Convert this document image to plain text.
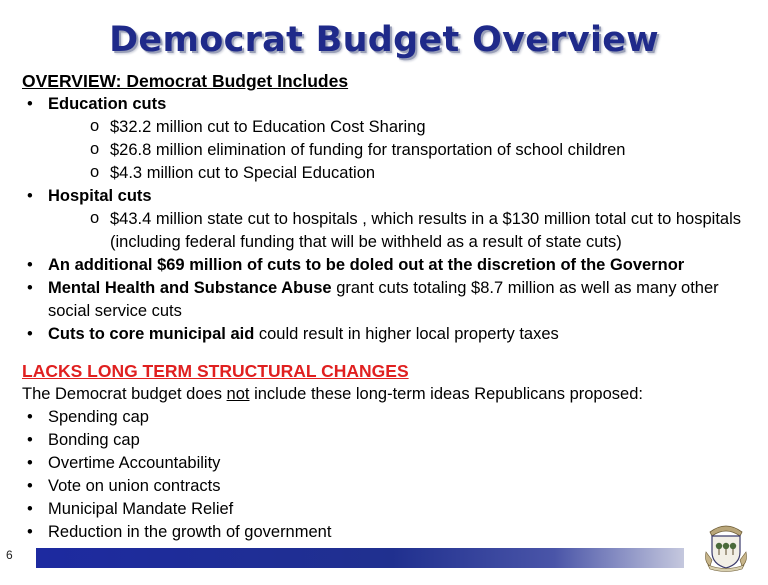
Democrat Budget Overview
OVERVIEW: Democrat Budget Includes
• Education cuts
o $32.2 million cut to Education Cost Sharing
o $26.8 million elimination of funding for transportation of school children
o $4.3 million cut to Special Education
• Hospital cuts
o $43.4 million state cut to hospitals , which results in a $130 million total cut to hospitals (including federal funding that will be withheld as a result of state cuts)
• An additional $69 million of cuts to be doled out at the discretion of the Governor
• Mental Health and Substance Abuse grant cuts totaling $8.7 million as well as many other social service cuts
• Cuts to core municipal aid could result in higher local property taxes
LACKS LONG TERM STRUCTURAL CHANGES
The Democrat budget does not include these long-term ideas Republicans proposed:
• Spending cap
• Bonding cap
• Overtime Accountability
• Vote on union contracts
• Municipal Mandate Relief
• Reduction in the growth of government
6
